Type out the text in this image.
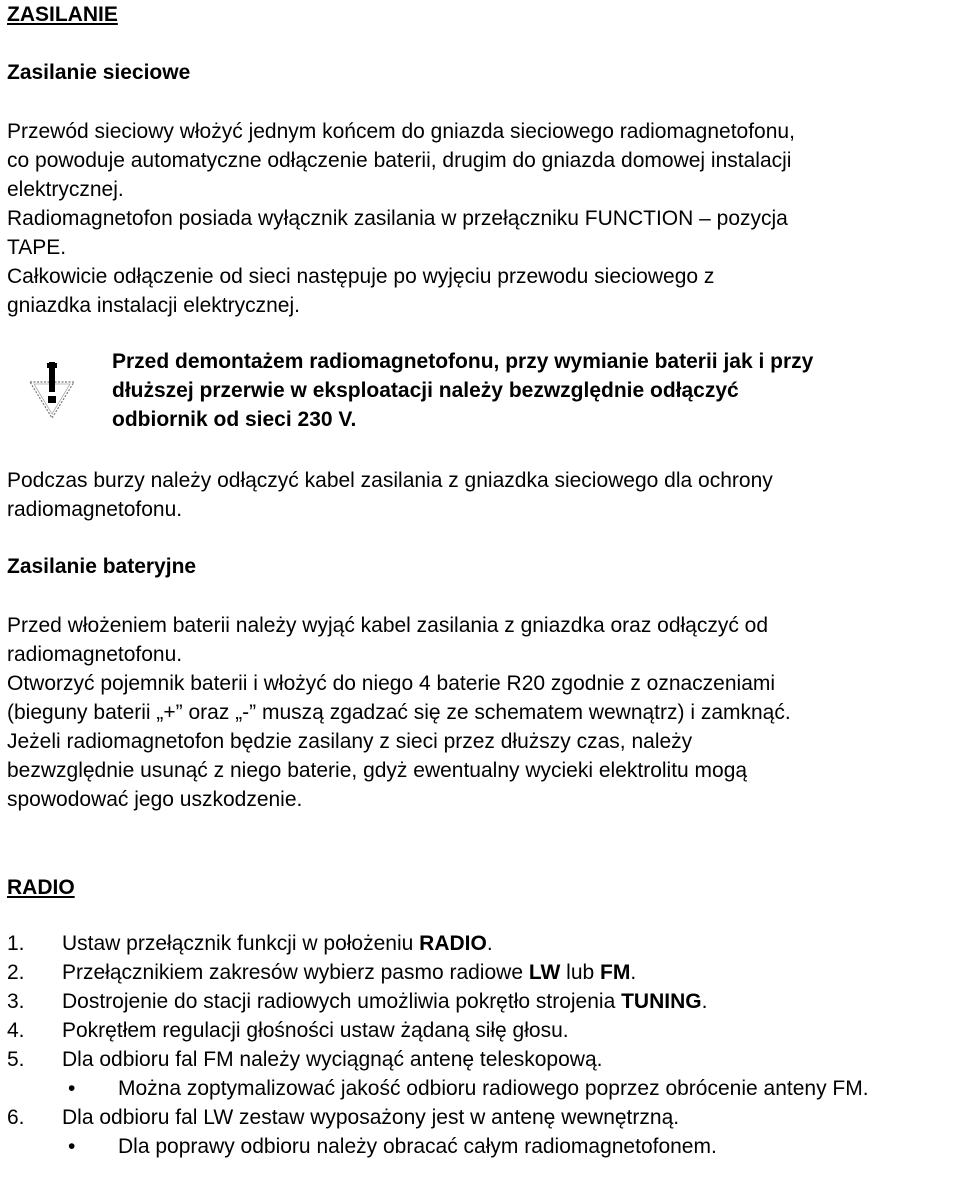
ZASILANIE

Zasilanie sieciowe

Przewód sieciowy włożyć jednym końcem do gniazda sieciowego radiomagnetofonu,
co powoduje automatyczne odłączenie baterii, drugim do gniazda domowej instalacji
elektrycznej.
Radiomagnetofon posiada wyłącznik zasilania w przełączniku FUNCTION – pozycja
TAPE.
Całkowicie odłączenie od sieci następuje po wyjęciu przewodu sieciowego z
gniazdka instalacji elektrycznej.
Przed demontażem radiomagnetofonu, przy wymianie baterii jak i przy
dłuższej przerwie w eksploatacji należy bezwzględnie odłączyć
odbiornik od sieci 230 V.
Podczas burzy należy odłączyć kabel zasilania z gniazdka sieciowego dla ochrony
radiomagnetofonu.

Zasilanie bateryjne

Przed włożeniem baterii należy wyjąć kabel zasilania z gniazdka oraz odłączyć od
radiomagnetofonu.
Otworzyć pojemnik baterii i włożyć do niego 4 baterie R20 zgodnie z oznaczeniami
(bieguny baterii „+” oraz „-” muszą zgadzać się ze schematem wewnątrz) i zamknąć.
Jeżeli radiomagnetofon będzie zasilany z sieci przez dłuższy czas, należy
bezwzględnie usunąć z niego baterie, gdyż ewentualny wycieki elektrolitu mogą
spowodować jego uszkodzenie.

RADIO

1. Ustaw przełącznik funkcji w położeniu RADIO.
2. Przełącznikiem zakresów wybierz pasmo radiowe LW lub FM.
3. Dostrojenie do stacji radiowych umożliwia pokrętło strojenia TUNING.
4. Pokrętłem regulacji głośności ustaw żądaną siłę głosu.
5. Dla odbioru fal FM należy wyciągnąć antenę teleskopową.
• Można zoptymalizować jakość odbioru radiowego poprzez obrócenie anteny FM.
6. Dla odbioru fal LW zestaw wyposażony jest w antenę wewnętrzną.
• Dla poprawy odbioru należy obracać całym radiomagnetofonem.
